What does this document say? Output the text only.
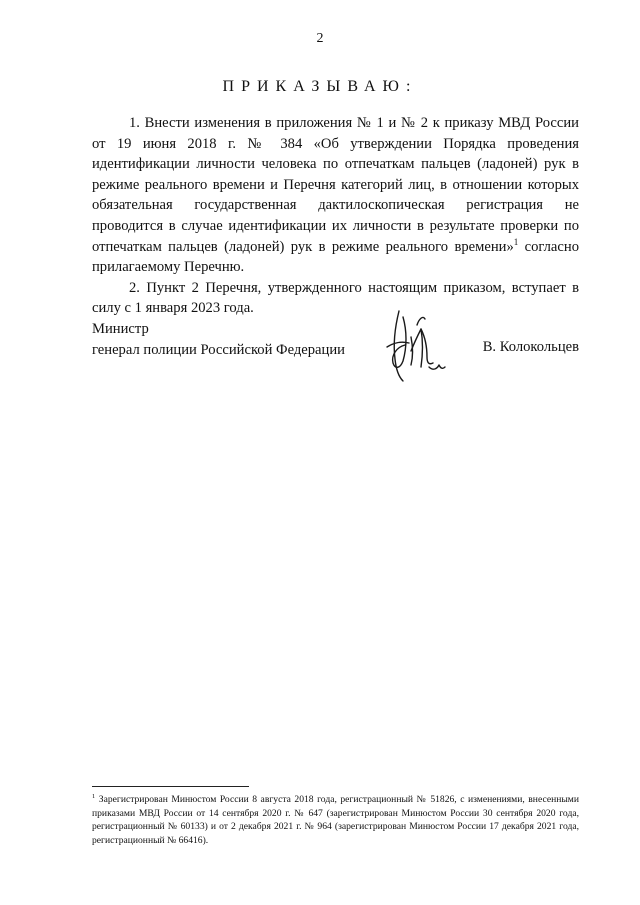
2
ПРИКАЗЫВАЮ:

1. Внести изменения в приложения № 1 и № 2 к приказу МВД России от 19 июня 2018 г. № 384 «Об утверждении Порядка проведения идентификации личности человека по отпечаткам пальцев (ладоней) рук в режиме реального времени и Перечня категорий лиц, в отношении которых обязательная государственная дактилоскопическая регистрация не проводится в случае идентификации их личности в результате проверки по отпечаткам пальцев (ладоней) рук в режиме реального времени»$^1$ согласно прилагаемому Перечню.

2. Пункт 2 Перечня, утвержденного настоящим приказом, вступает в силу с 1 января 2023 года.

Министр
генерал полиции Российской Федерации	В. Колокольцев
$^1$ Зарегистрирован Минюстом России 8 августа 2018 года, регистрационный № 51826, с изменениями, внесенными приказами МВД России от 14 сентября 2020 г. № 647 (зарегистрирован Минюстом России 30 сентября 2020 года, регистрационный № 60133) и от 2 декабря 2021 г. № 964 (зарегистрирован Минюстом России 17 декабря 2021 года, регистрационный № 66416).
